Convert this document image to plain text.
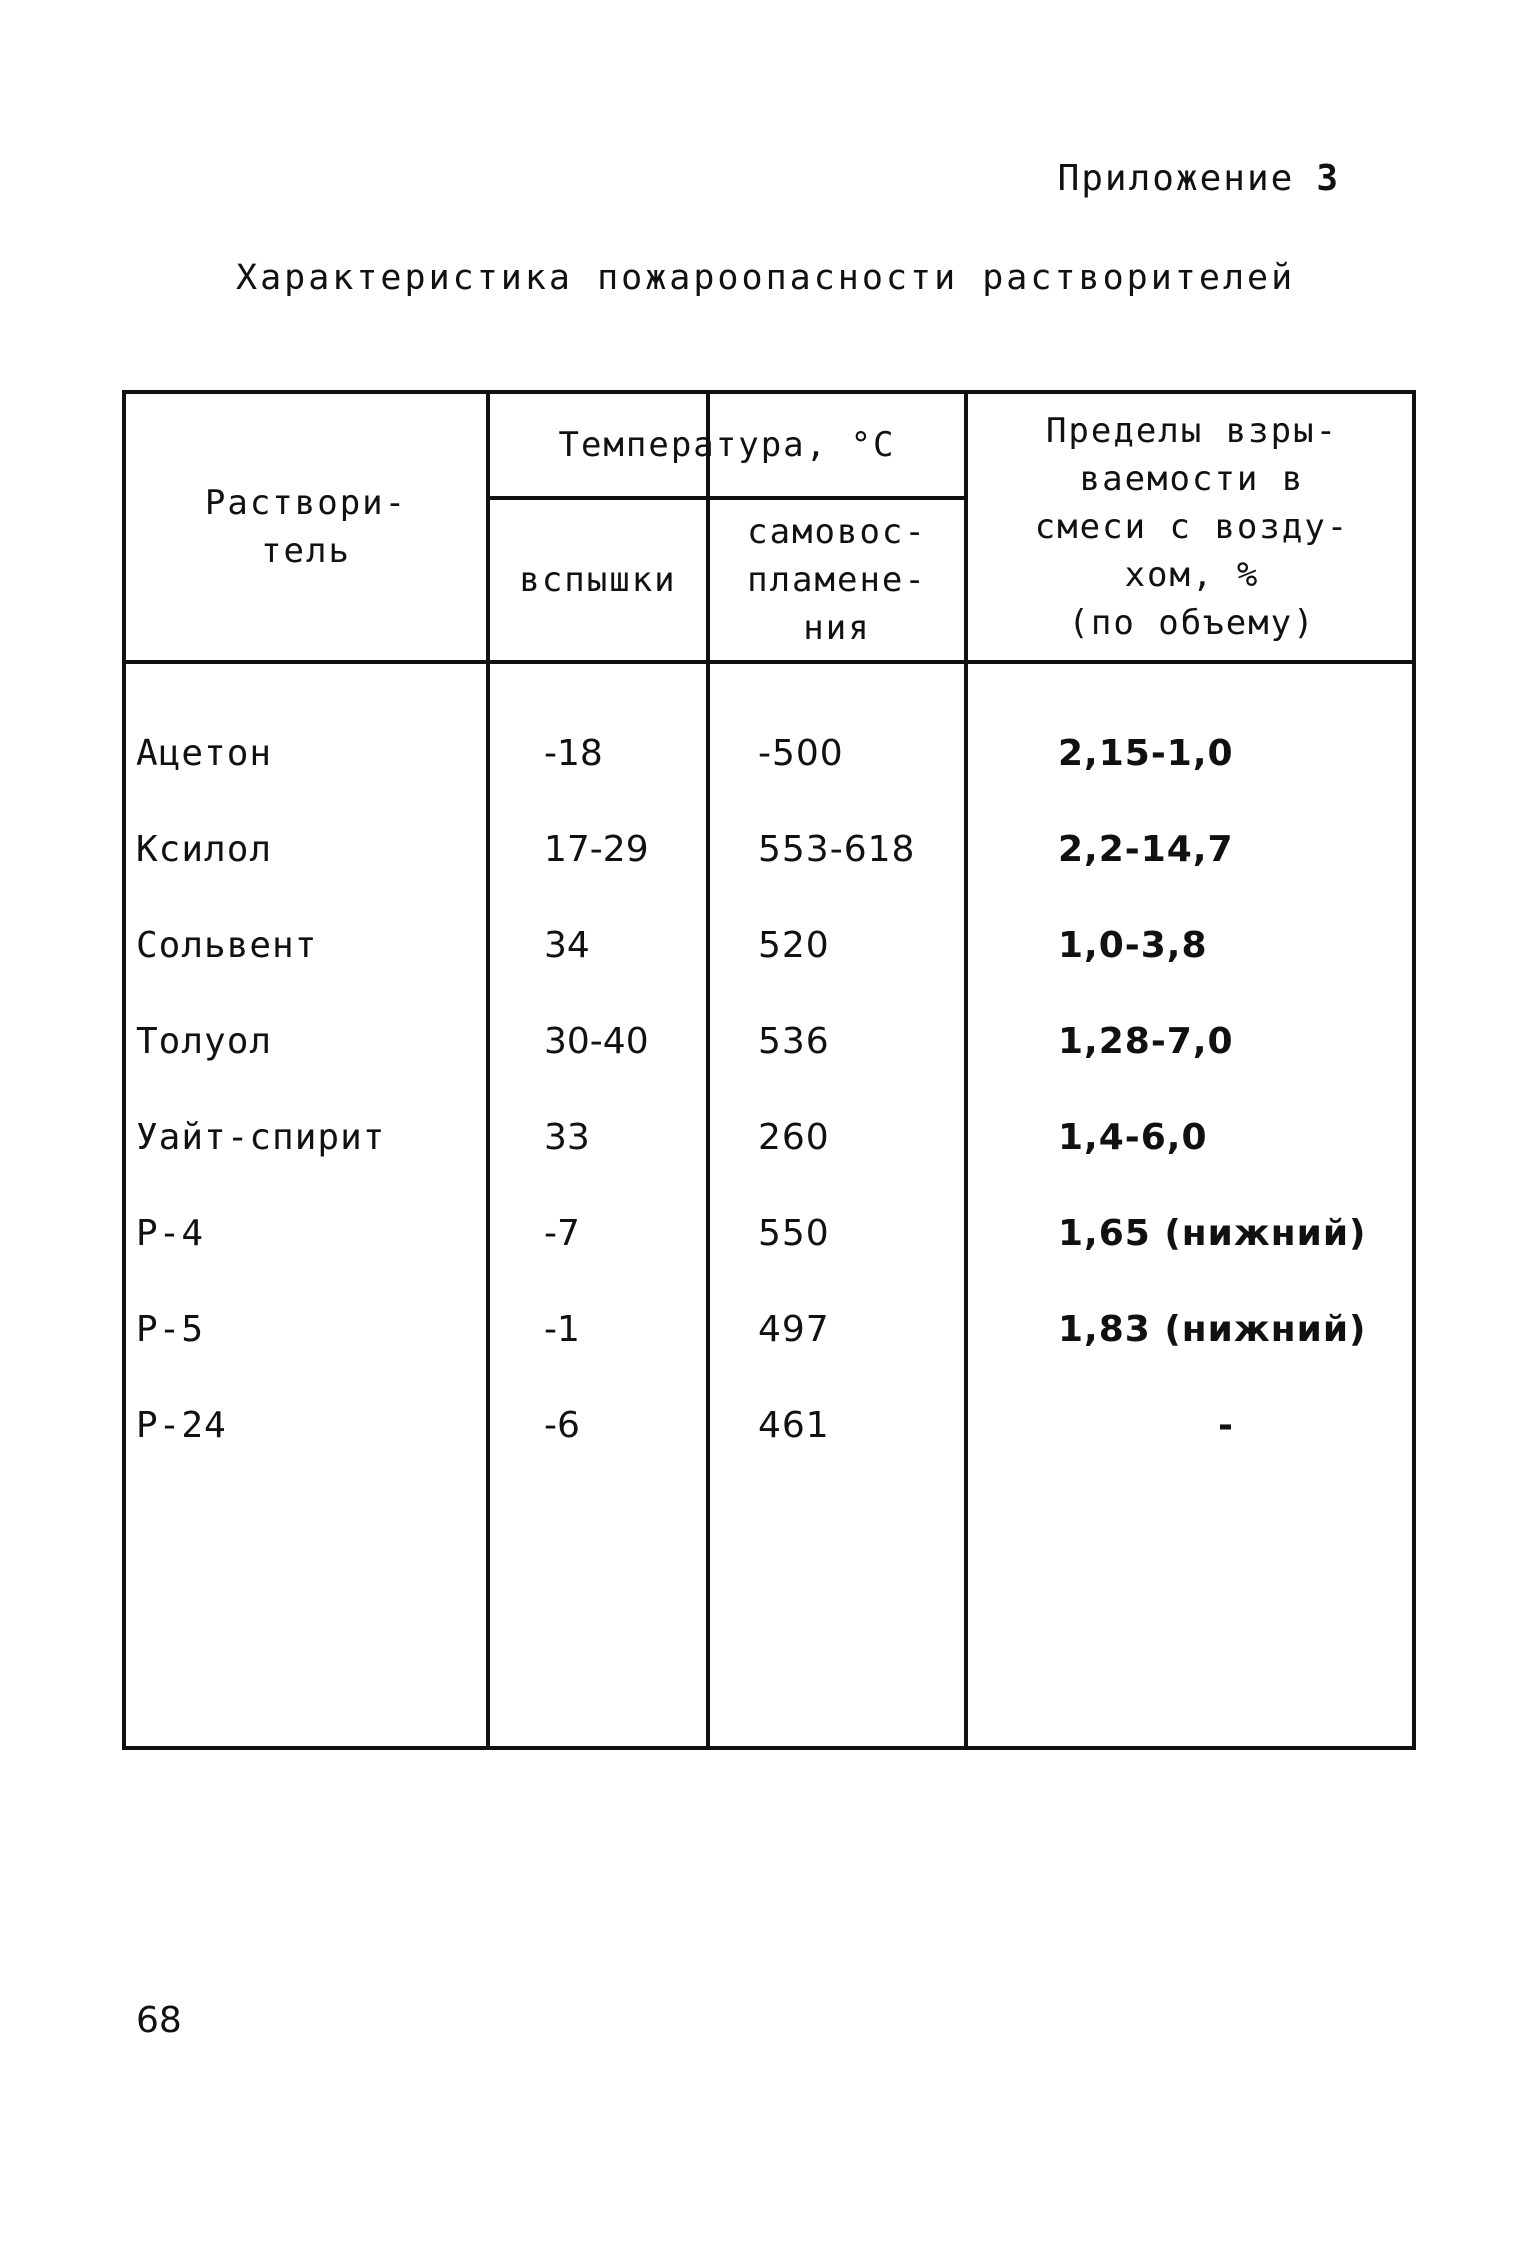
Приложение 3
Характеристика пожароопасности растворителей
Раствори-
тель
Температура, °C
вспышки
самовос-
пламене-
ния
Пределы взры-
ваемости в
смеси с возду-
хом, %
(по объему)
Ацетон	-18	-500	2,15-1,0
Ксилол	17-29	553-618	2,2-14,7
Сольвент	34	520	1,0-3,8
Толуол	30-40	536	1,28-7,0
Уайт-спирит	33	260	1,4-6,0
Р-4	-7	550	1,65 (нижний)
Р-5	-1	497	1,83 (нижний)
Р-24	-6	461	-
68
